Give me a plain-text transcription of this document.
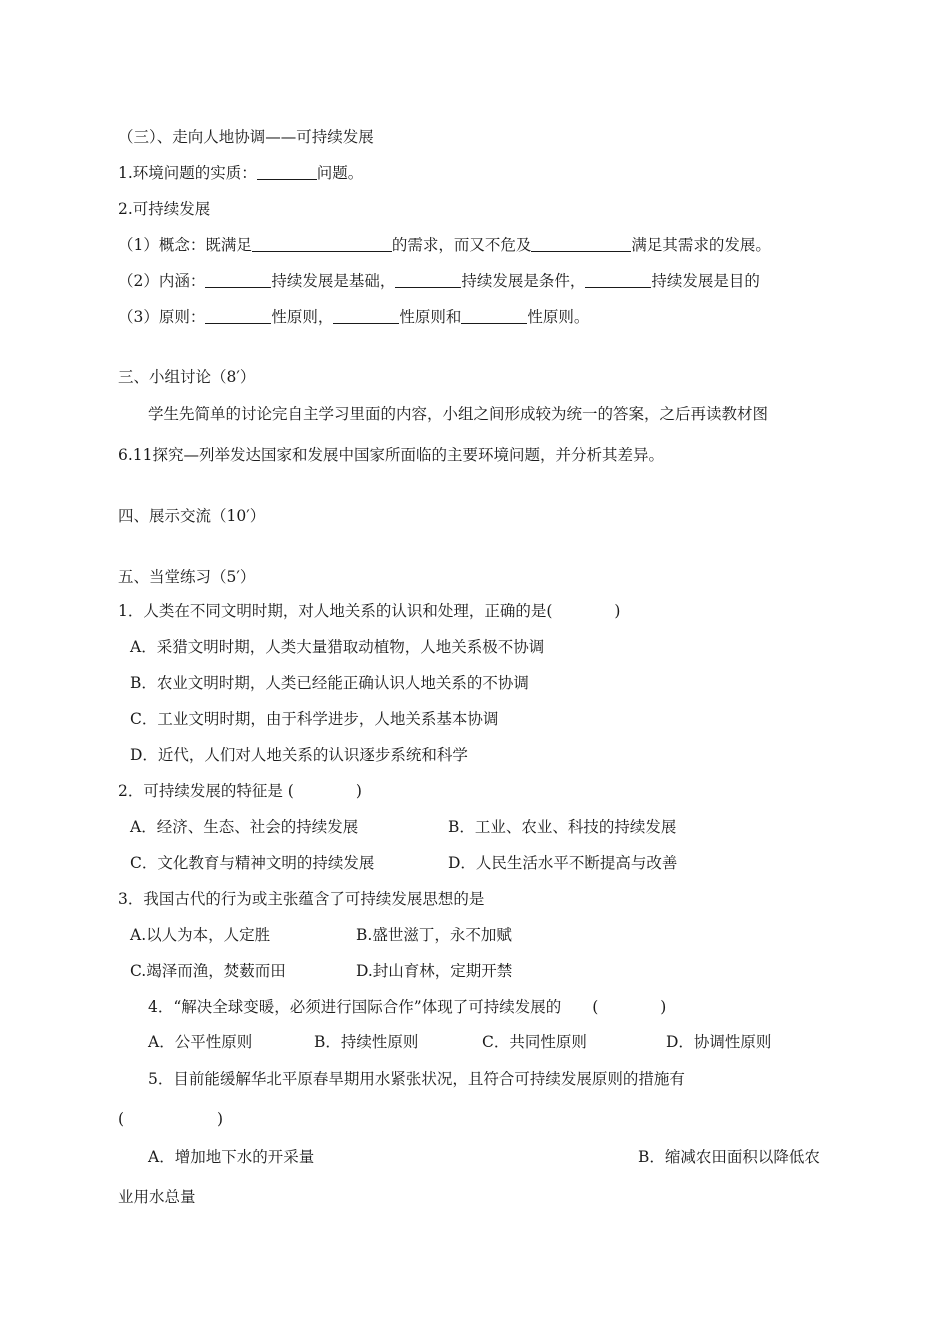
（三）、走向人地协调——可持续发展
1.环境问题的实质：	问题。
2.可持续发展
（1）概念：既满足	的需求，而又不危及	满足其需求的发展。
（2）内涵：	持续发展是基础，	持续发展是条件，	持续发展是目的
（3）原则：	性原则，	性原则和	性原则。
三、小组讨论（8′）
学生先简单的讨论完自主学习里面的内容，小组之间形成较为统一的答案，之后再读教材图
6.11探究—列举发达国家和发展中国家所面临的主要环境问题，并分析其差异。
四、展示交流（10′）
五、当堂练习（5′）
1．人类在不同文明时期，对人地关系的认识和处理，正确的是(　　　　)
A．采猎文明时期，人类大量猎取动植物，人地关系极不协调
B．农业文明时期，人类已经能正确认识人地关系的不协调
C．工业文明时期，由于科学进步，人地关系基本协调
D．近代，人们对人地关系的认识逐步系统和科学
2．可持续发展的特征是 (　　　　)
A．经济、生态、社会的持续发展	B．工业、农业、科技的持续发展
C．文化教育与精神文明的持续发展	D．人民生活水平不断提高与改善
3．我国古代的行为或主张蕴含了可持续发展思想的是
A.以人为本，人定胜	B.盛世滋丁，永不加赋
C.竭泽而渔，焚薮而田	D.封山育林，定期开禁
4．“解决全球变暖，必须进行国际合作”体现了可持续发展的　　(　　　　)
A．公平性原则	B．持续性原则	C．共同性原则	D．协调性原则
5．目前能缓解华北平原春旱期用水紧张状况，且符合可持续发展原则的措施有
(　　　　　　)
A．增加地下水的开采量	B．缩减农田面积以降低农
业用水总量
